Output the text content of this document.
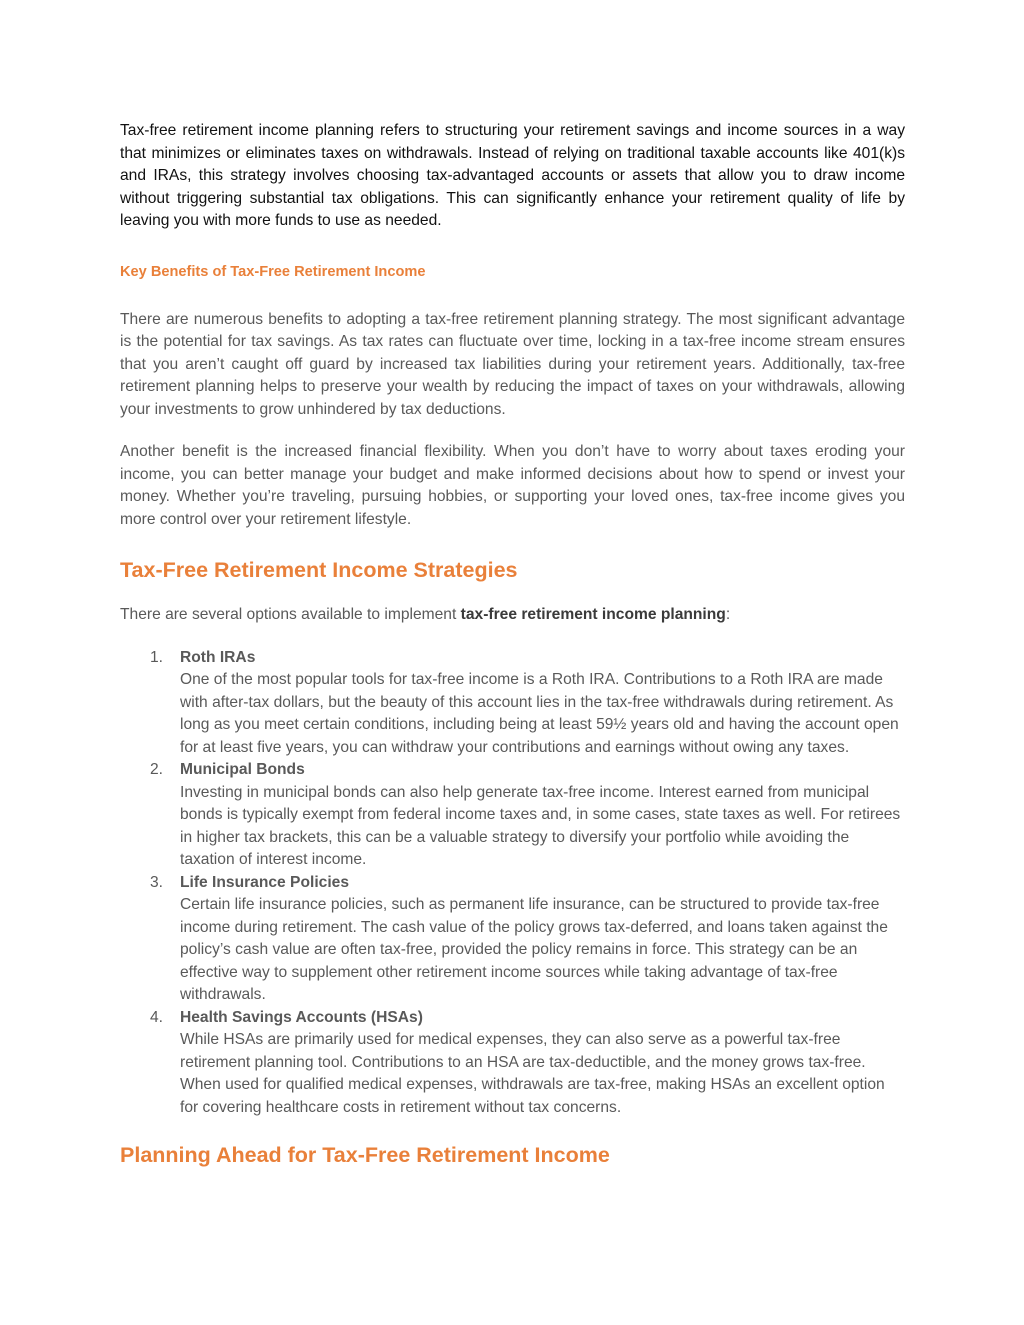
Tax-free retirement income planning refers to structuring your retirement savings and income sources in a way that minimizes or eliminates taxes on withdrawals. Instead of relying on traditional taxable accounts like 401(k)s and IRAs, this strategy involves choosing tax-advantaged accounts or assets that allow you to draw income without triggering substantial tax obligations. This can significantly enhance your retirement quality of life by leaving you with more funds to use as needed.

Key Benefits of Tax-Free Retirement Income

There are numerous benefits to adopting a tax-free retirement planning strategy. The most significant advantage is the potential for tax savings. As tax rates can fluctuate over time, locking in a tax-free income stream ensures that you aren’t caught off guard by increased tax liabilities during your retirement years. Additionally, tax-free retirement planning helps to preserve your wealth by reducing the impact of taxes on your withdrawals, allowing your investments to grow unhindered by tax deductions.

Another benefit is the increased financial flexibility. When you don’t have to worry about taxes eroding your income, you can better manage your budget and make informed decisions about how to spend or invest your money. Whether you’re traveling, pursuing hobbies, or supporting your loved ones, tax-free income gives you more control over your retirement lifestyle.

Tax-Free Retirement Income Strategies

There are several options available to implement tax-free retirement income planning:

1. Roth IRAs
One of the most popular tools for tax-free income is a Roth IRA. Contributions to a Roth IRA are made with after-tax dollars, but the beauty of this account lies in the tax-free withdrawals during retirement. As long as you meet certain conditions, including being at least 59½ years old and having the account open for at least five years, you can withdraw your contributions and earnings without owing any taxes.
2. Municipal Bonds
Investing in municipal bonds can also help generate tax-free income. Interest earned from municipal bonds is typically exempt from federal income taxes and, in some cases, state taxes as well. For retirees in higher tax brackets, this can be a valuable strategy to diversify your portfolio while avoiding the taxation of interest income.
3. Life Insurance Policies
Certain life insurance policies, such as permanent life insurance, can be structured to provide tax-free income during retirement. The cash value of the policy grows tax-deferred, and loans taken against the policy’s cash value are often tax-free, provided the policy remains in force. This strategy can be an effective way to supplement other retirement income sources while taking advantage of tax-free withdrawals.
4. Health Savings Accounts (HSAs)
While HSAs are primarily used for medical expenses, they can also serve as a powerful tax-free retirement planning tool. Contributions to an HSA are tax-deductible, and the money grows tax-free. When used for qualified medical expenses, withdrawals are tax-free, making HSAs an excellent option for covering healthcare costs in retirement without tax concerns.
Planning Ahead for Tax-Free Retirement Income
